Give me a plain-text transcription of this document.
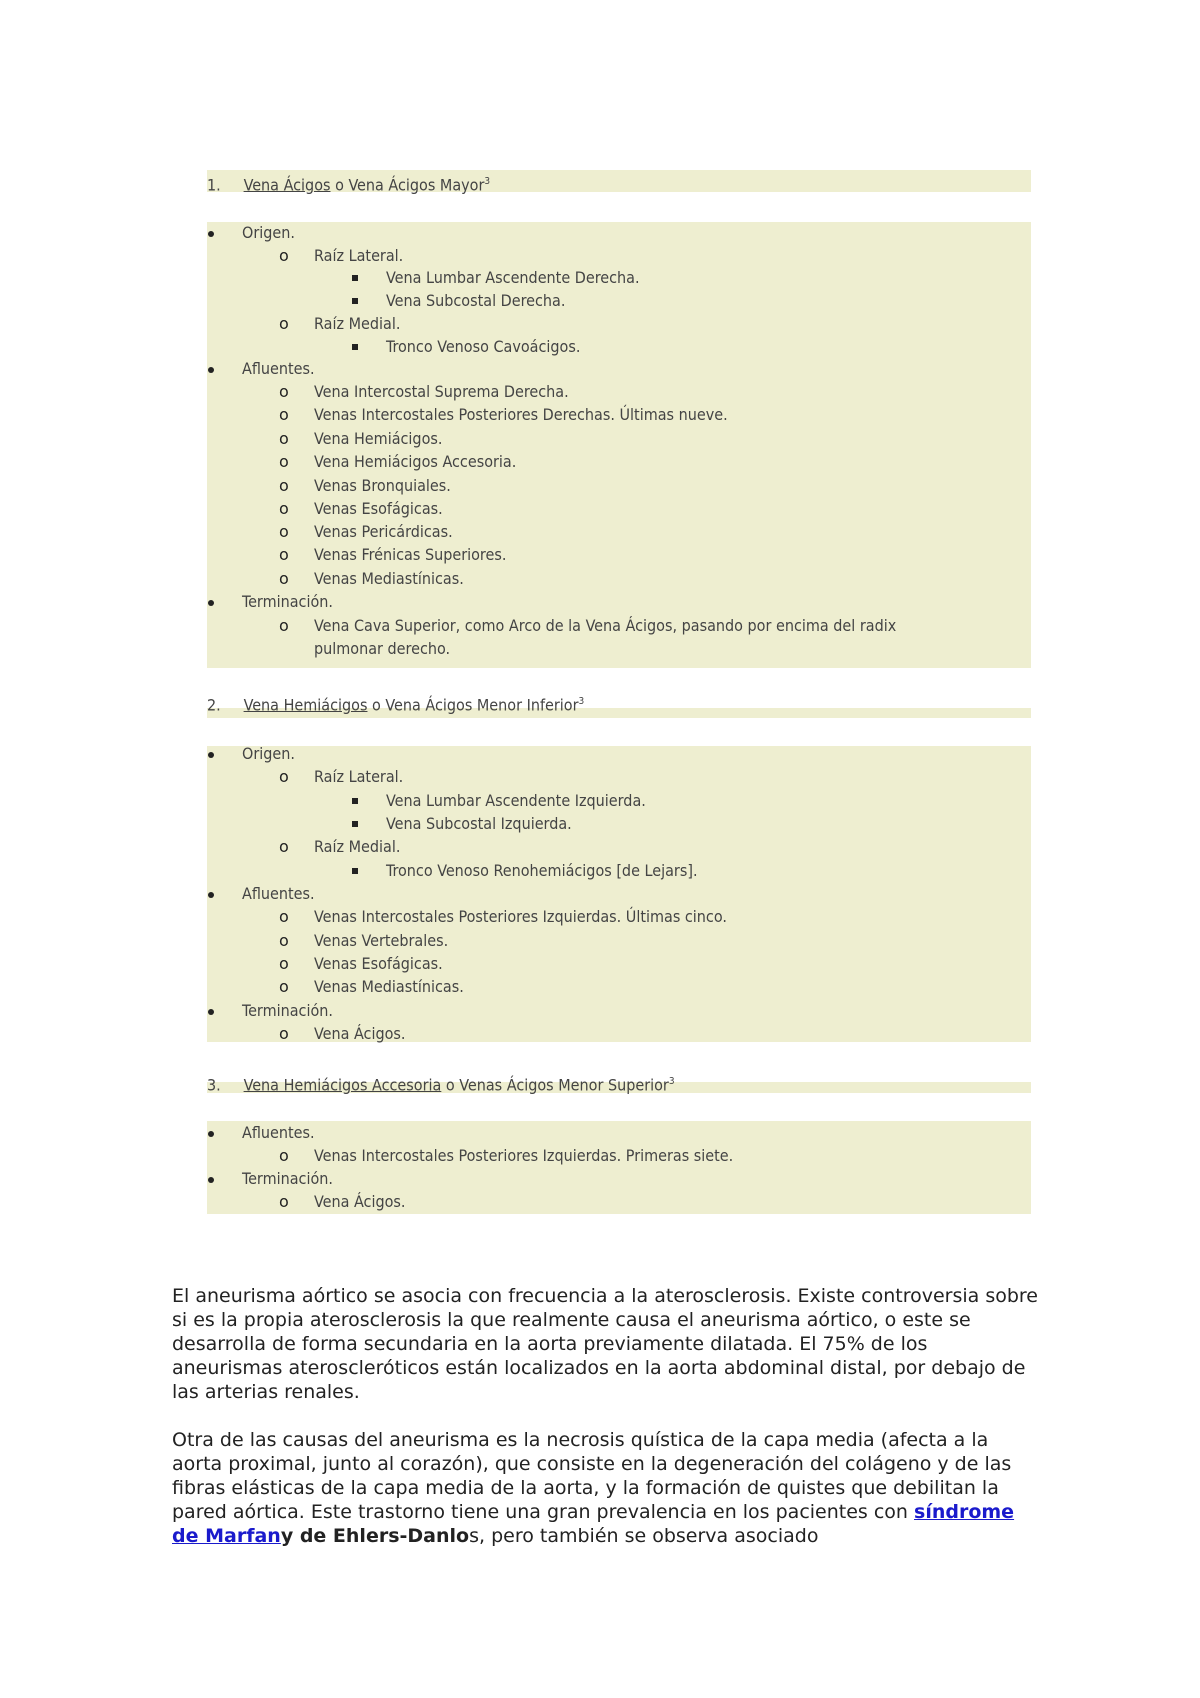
1. Vena Ácigos o Vena Ácigos Mayor$^3$
Origen.
o Raíz Lateral.
Vena Lumbar Ascendente Derecha.
Vena Subcostal Derecha.
o Raíz Medial.
Tronco Venoso Cavoácigos.
Afluentes.
o Vena Intercostal Suprema Derecha.
o Venas Intercostales Posteriores Derechas. Últimas nueve.
o Vena Hemiácigos.
o Vena Hemiácigos Accesoria.
o Venas Bronquiales.
o Venas Esofágicas.
o Venas Pericárdicas.
o Venas Frénicas Superiores.
o Venas Mediastínicas.
Terminación.
o Vena Cava Superior, como Arco de la Vena Ácigos, pasando por encima del radix
pulmonar derecho.
2. Vena Hemiácigos o Vena Ácigos Menor Inferior$^3$
Origen.
o Raíz Lateral.
Vena Lumbar Ascendente Izquierda.
Vena Subcostal Izquierda.
o Raíz Medial.
Tronco Venoso Renohemiácigos [de Lejars].
Afluentes.
o Venas Intercostales Posteriores Izquierdas. Últimas cinco.
o Venas Vertebrales.
o Venas Esofágicas.
o Venas Mediastínicas.
Terminación.
o Vena Ácigos.
3. Vena Hemiácigos Accesoria o Venas Ácigos Menor Superior$^3$
Afluentes.
o Venas Intercostales Posteriores Izquierdas. Primeras siete.
Terminación.
o Vena Ácigos.

El aneurisma aórtico se asocia con frecuencia a la aterosclerosis. Existe controversia sobre si es la propia aterosclerosis la que realmente causa el aneurisma aórtico, o este se desarrolla de forma secundaria en la aorta previamente dilatada. El 75% de los aneurismas ateroscleróticos están localizados en la aorta abdominal distal, por debajo de las arterias renales.

Otra de las causas del aneurisma es la necrosis quística de la capa media (afecta a la aorta proximal, junto al corazón), que consiste en la degeneración del colágeno y de las fibras elásticas de la capa media de la aorta, y la formación de quistes que debilitan la pared aórtica. Este trastorno tiene una gran prevalencia en los pacientes con síndrome de Marfany de Ehlers-Danlos, pero también se observa asociado
